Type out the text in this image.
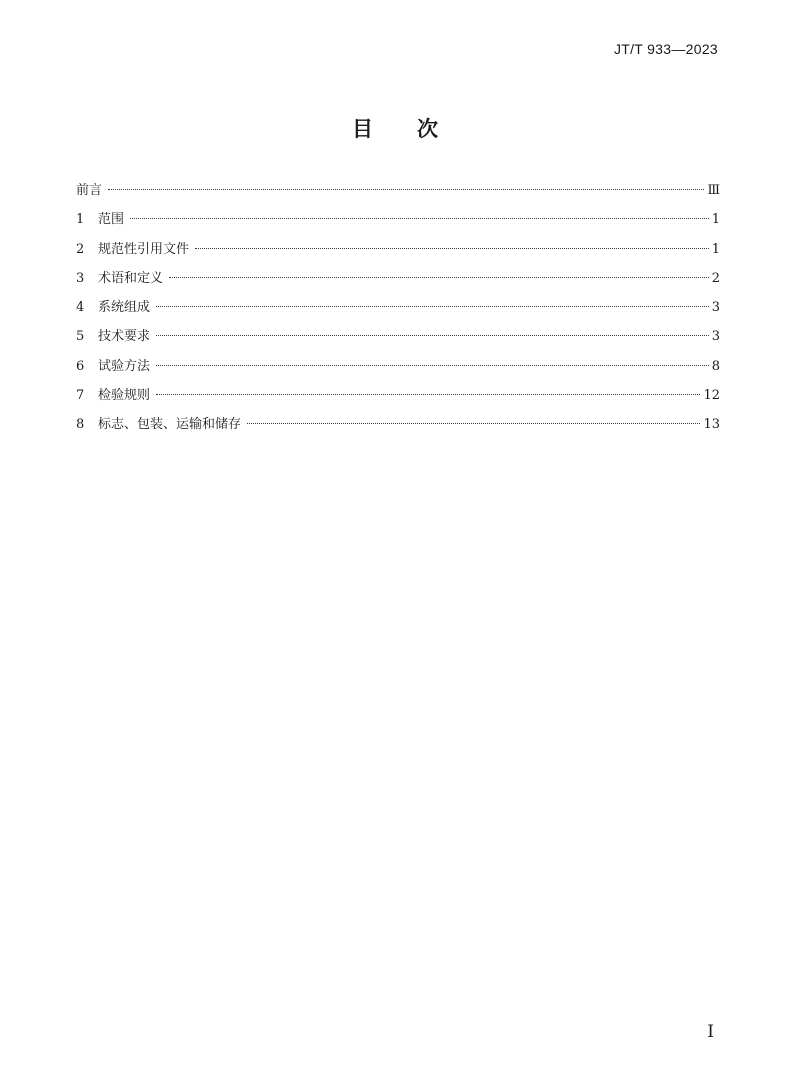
JT/T 933—2023
目次
前言	Ⅲ
1	范围	1
2	规范性引用文件	1
3	术语和定义	2
4	系统组成	3
5	技术要求	3
6	试验方法	8
7	检验规则	12
8	标志、包装、运输和储存	13
Ⅰ
